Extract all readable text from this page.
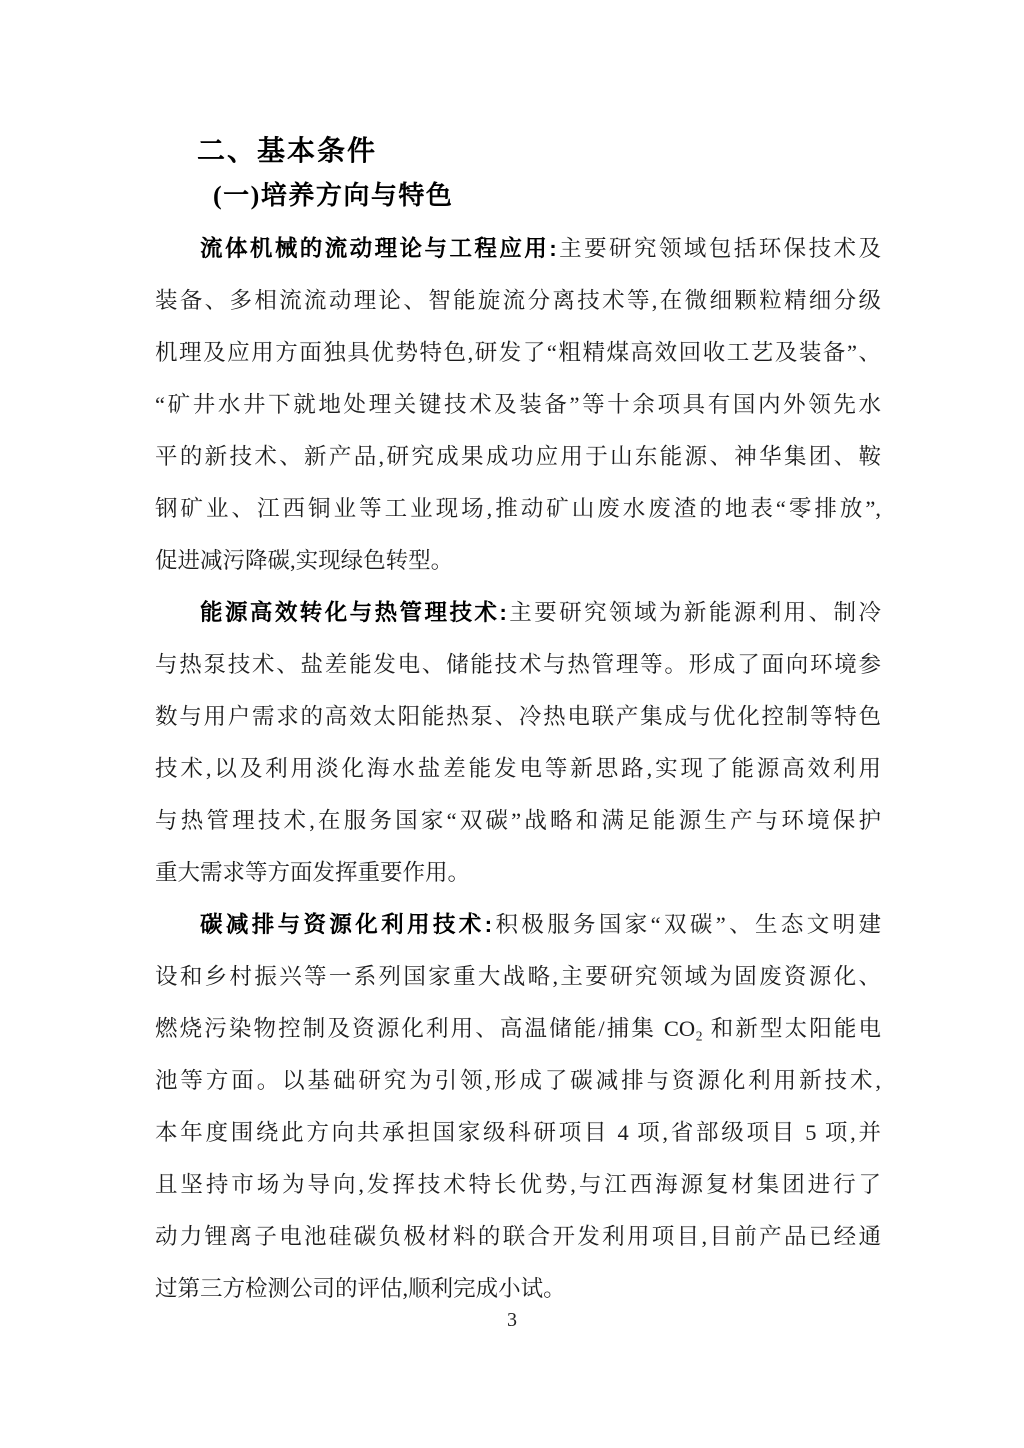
二、基本条件
(一)培养方向与特色
流体机械的流动理论与工程应用:主要研究领域包括环保技术及
装备、多相流流动理论、智能旋流分离技术等,在微细颗粒精细分级
机理及应用方面独具优势特色,研发了“粗精煤高效回收工艺及装备”、
“矿井水井下就地处理关键技术及装备”等十余项具有国内外领先水
平的新技术、新产品,研究成果成功应用于山东能源、神华集团、鞍
钢矿业、江西铜业等工业现场,推动矿山废水废渣的地表“零排放”,
促进减污降碳,实现绿色转型。
能源高效转化与热管理技术:主要研究领域为新能源利用、制冷
与热泵技术、盐差能发电、储能技术与热管理等。形成了面向环境参
数与用户需求的高效太阳能热泵、冷热电联产集成与优化控制等特色
技术,以及利用淡化海水盐差能发电等新思路,实现了能源高效利用
与热管理技术,在服务国家“双碳”战略和满足能源生产与环境保护
重大需求等方面发挥重要作用。
碳减排与资源化利用技术:积极服务国家“双碳”、生态文明建
设和乡村振兴等一系列国家重大战略,主要研究领域为固废资源化、
燃烧污染物控制及资源化利用、高温储能/捕集 CO₂ 和新型太阳能电
池等方面。以基础研究为引领,形成了碳减排与资源化利用新技术,
本年度围绕此方向共承担国家级科研项目 4 项,省部级项目 5 项,并
且坚持市场为导向,发挥技术特长优势,与江西海源复材集团进行了
动力锂离子电池硅碳负极材料的联合开发利用项目,目前产品已经通
过第三方检测公司的评估,顺利完成小试。
3
